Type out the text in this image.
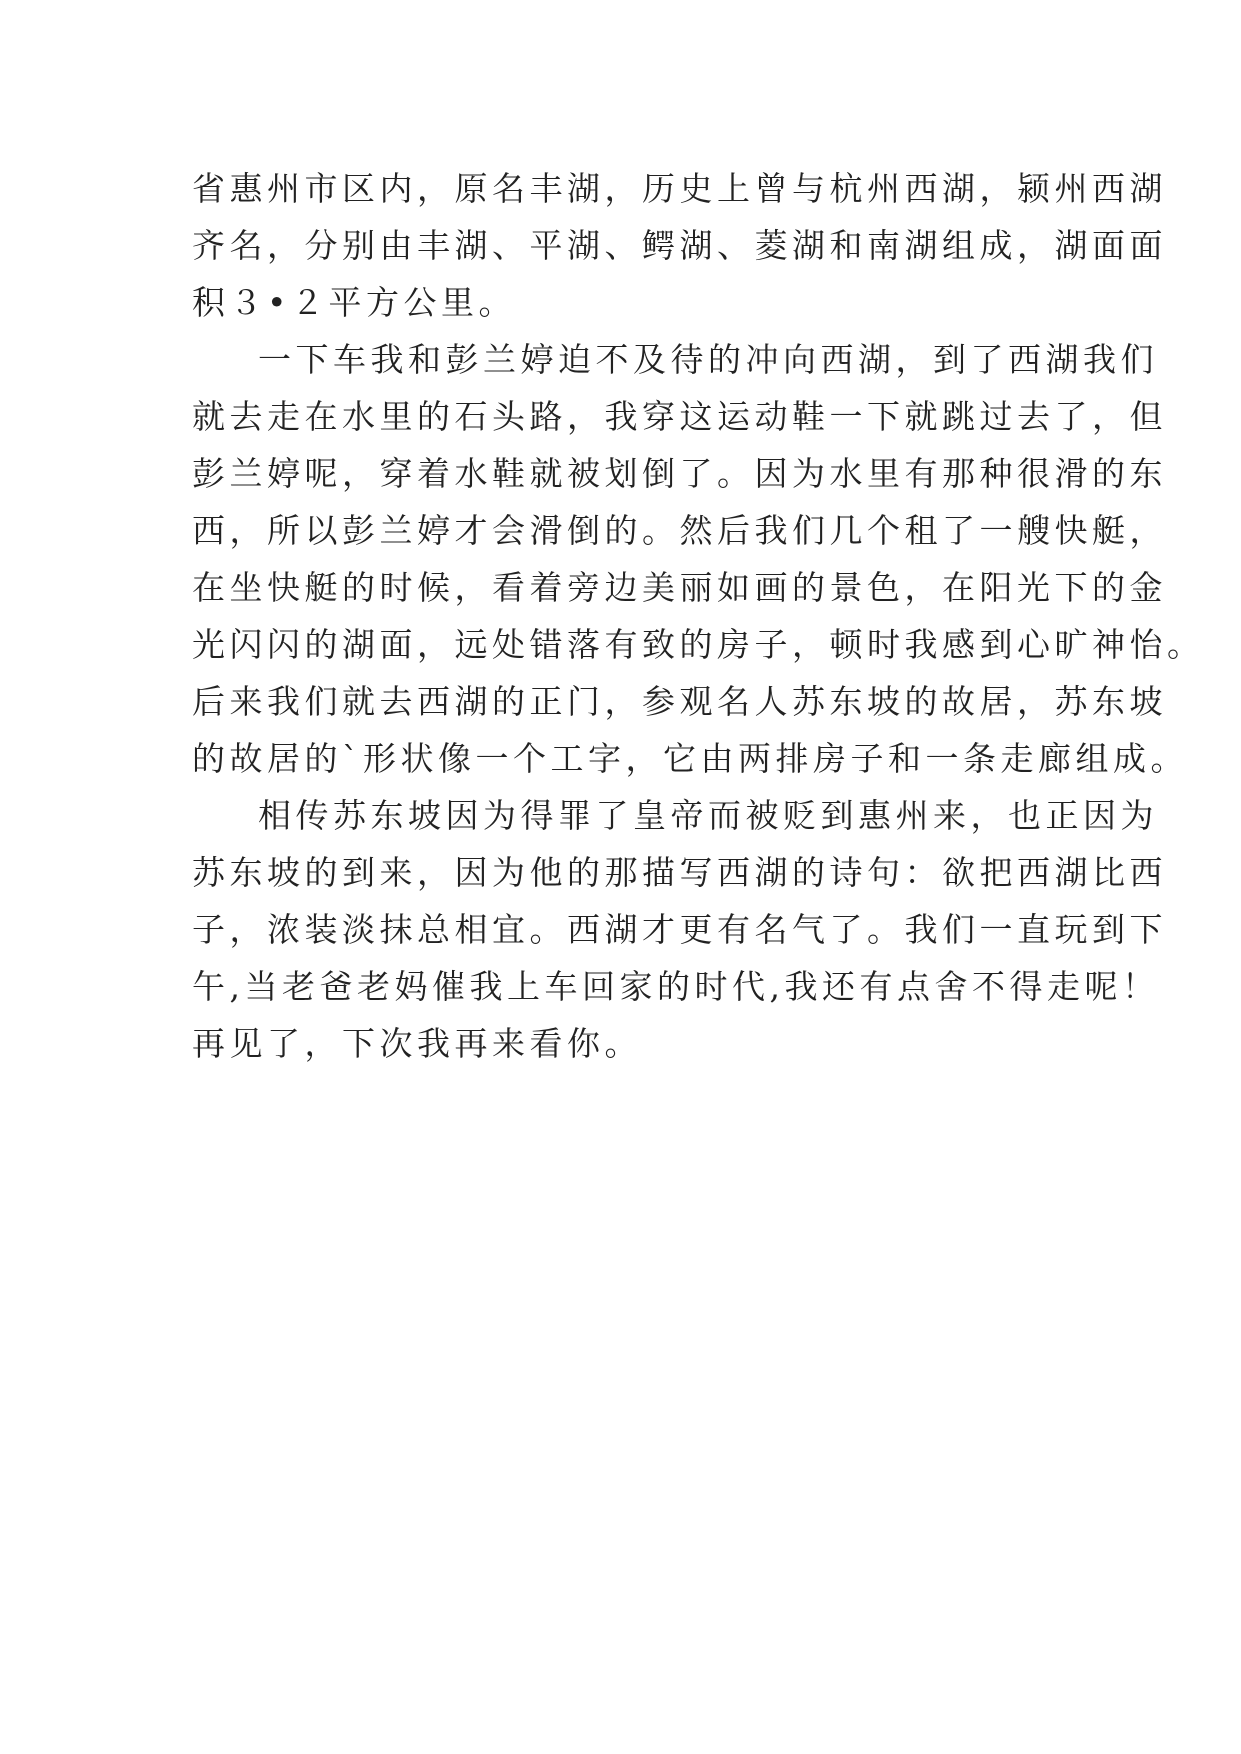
省惠州市区内，原名丰湖，历史上曾与杭州西湖，颍州西湖
齐名，分别由丰湖、平湖、鳄湖、菱湖和南湖组成，湖面面
积３•２平方公里。
一下车我和彭兰婷迫不及待的冲向西湖，到了西湖我们
就去走在水里的石头路，我穿这运动鞋一下就跳过去了，但
彭兰婷呢，穿着水鞋就被划倒了。因为水里有那种很滑的东
西，所以彭兰婷才会滑倒的。然后我们几个租了一艘快艇，
在坐快艇的时候，看着旁边美丽如画的景色，在阳光下的金
光闪闪的湖面，远处错落有致的房子，顿时我感到心旷神怡。
后来我们就去西湖的正门，参观名人苏东坡的故居，苏东坡
的故居的`形状像一个工字，它由两排房子和一条走廊组成。
相传苏东坡因为得罪了皇帝而被贬到惠州来，也正因为
苏东坡的到来，因为他的那描写西湖的诗句：欲把西湖比西
子，浓装淡抹总相宜。西湖才更有名气了。我们一直玩到下
午,当老爸老妈催我上车回家的时代,我还有点舍不得走呢！
再见了，下次我再来看你。
